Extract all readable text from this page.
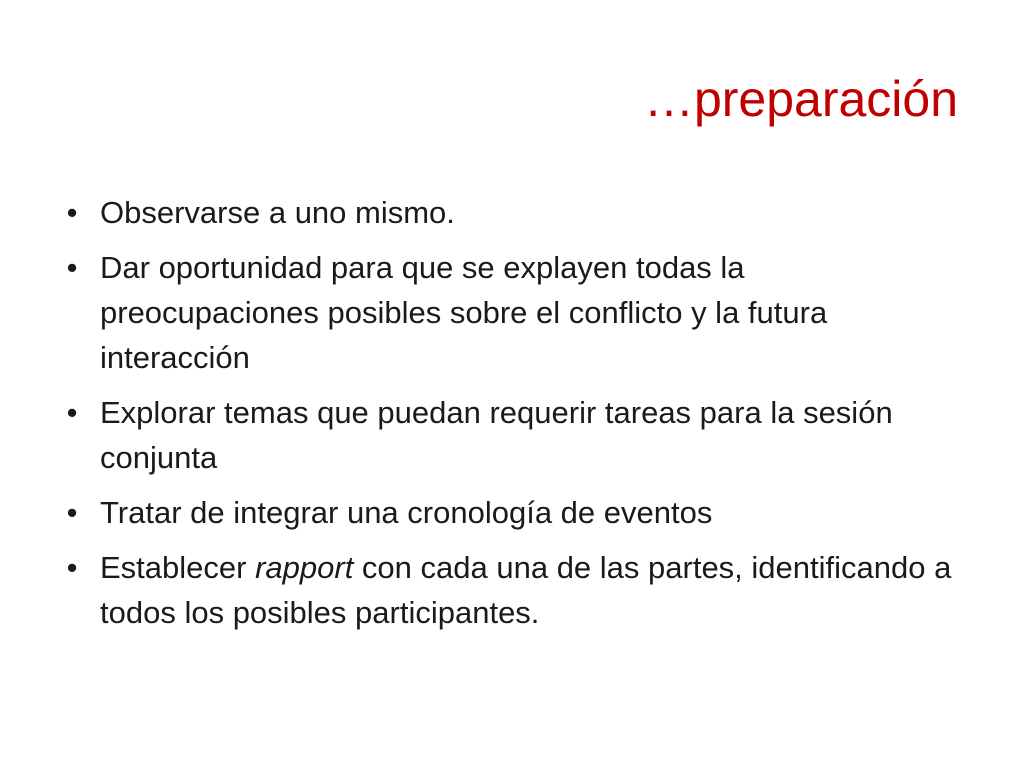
…preparación
• Observarse a uno mismo.
• Dar oportunidad para que se explayen todas la preocupaciones posibles sobre el conflicto y la futura interacción
• Explorar temas que puedan requerir tareas para la sesión conjunta
• Tratar de integrar una cronología de eventos
• Establecer rapport con cada una de las partes, identificando a todos los posibles participantes.
